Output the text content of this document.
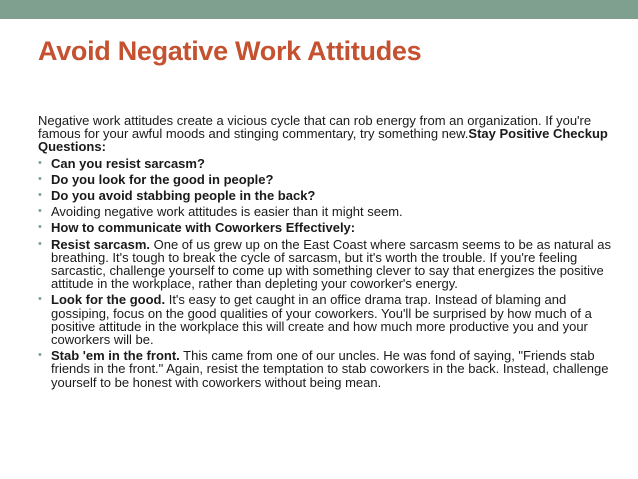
Avoid Negative Work Attitudes

Negative work attitudes create a vicious cycle that can rob energy from an organization. If you're famous for your awful moods and stinging commentary, try something new.Stay Positive Checkup Questions:

• Can you resist sarcasm?
• Do you look for the good in people?
• Do you avoid stabbing people in the back?
• Avoiding negative work attitudes is easier than it might seem.
• How to communicate with Coworkers Effectively:
• Resist sarcasm. One of us grew up on the East Coast where sarcasm seems to be as natural as breathing. It's tough to break the cycle of sarcasm, but it's worth the trouble. If you're feeling sarcastic, challenge yourself to come up with something clever to say that energizes the positive attitude in the workplace, rather than depleting your coworker's energy.
• Look for the good. It's easy to get caught in an office drama trap. Instead of blaming and gossiping, focus on the good qualities of your coworkers. You'll be surprised by how much of a positive attitude in the workplace this will create and how much more productive you and your coworkers will be.
• Stab 'em in the front. This came from one of our uncles. He was fond of saying, "Friends stab friends in the front." Again, resist the temptation to stab coworkers in the back. Instead, challenge yourself to be honest with coworkers without being mean.
